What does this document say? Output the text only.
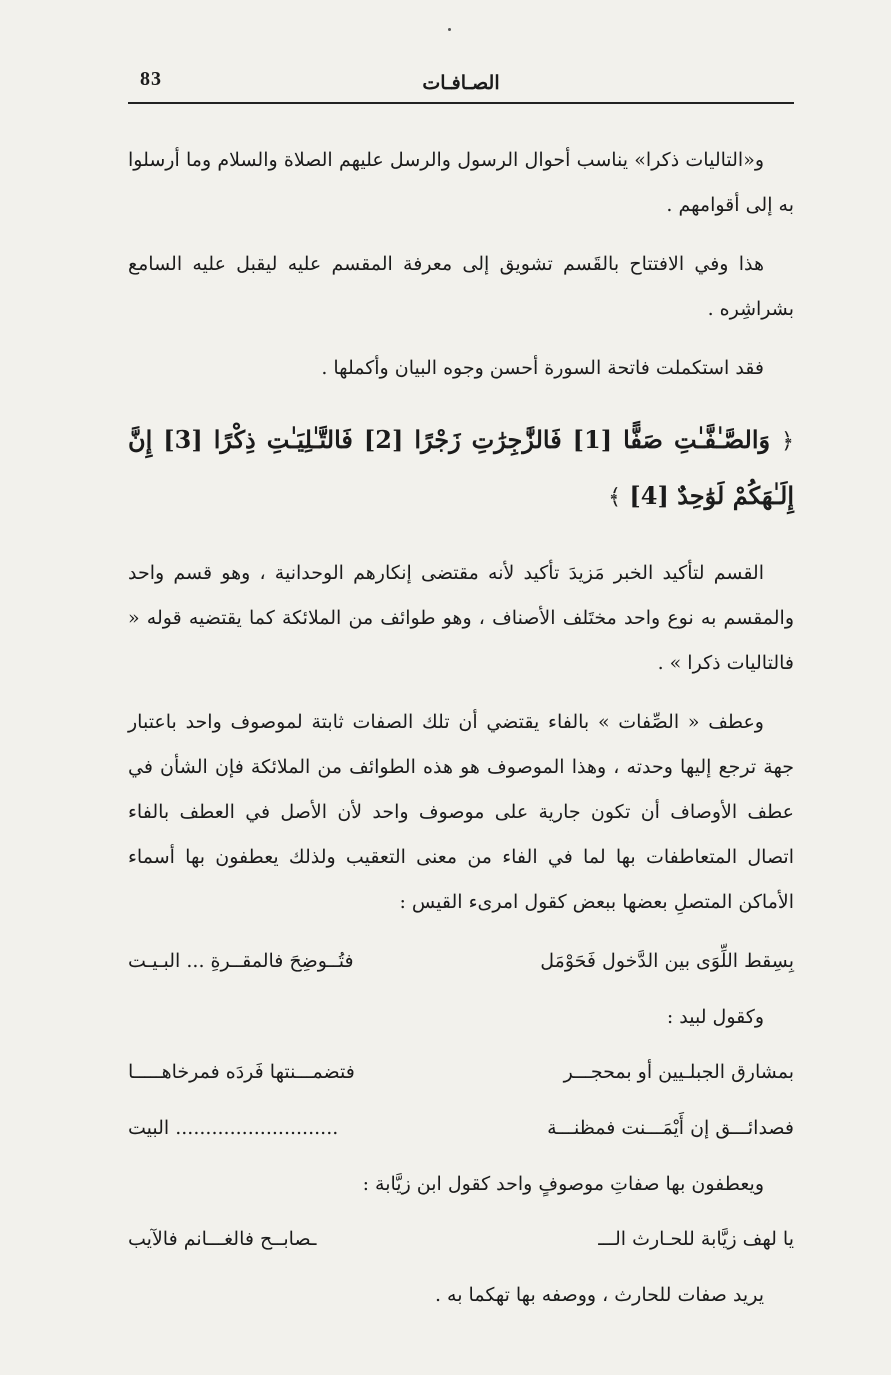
83	الصـافـات

و«التاليات ذكرا» يناسب أحوال الرسول والرسل عليهم الصلاة والسلام وما أرسلوا به إلى أقوامهم .

هذا وفي الافتتاح بالقَسم تشويق إلى معرفة المقسم عليه ليقبل عليه السامع بشراشِره .

فقد استكملت فاتحة السورة أحسن وجوه البيان وأكملها .

﴿ وَالصَّـٰفَّـٰتِ صَفًّا [1] فَالزَّٰجِرَٰتِ زَجْرًا [2] فَالتَّـٰلِيَـٰتِ ذِكْرًا [3] إِنَّ إِلَـٰهَكُمْ لَوَٰحِدٌ [4] ﴾

القسم لتأكيد الخبر مَزيدَ تأكيد لأنه مقتضى إنكارهم الوحدانية ، وهو قسم واحد والمقسم به نوع واحد مختَلف الأصناف ، وهو طوائف من الملائكة كما يقتضيه قوله « فالتاليات ذكرا » .

وعطف « الصِّفات » بالفاء يقتضي أن تلك الصفات ثابتة لموصوف واحد باعتبار جهة ترجع إليها وحدته ، وهذا الموصوف هو هذه الطوائف من الملائكة فإن الشأن في عطف الأوصاف أن تكون جارية على موصوف واحد لأن الأصل في العطف بالفاء اتصال المتعاطفات بها لما في الفاء من معنى التعقيب ولذلك يعطفون بها أسماء الأماكن المتصلِ بعضها ببعض كقول امرىء القيس :

بِسِقط اللِّوَى بين الدَّخول فَحَوْمَل
فتُــوضِحَ فالمقــرةِ ... البـيـت

وكقول لبيد :

بمشارق الجبلـيين أو بمحجـــر
فتضمـــنتها فَردَه فمرخاهـــــا
فصدائـــق إن أَيْمَـــنت فمظنـــة
........................... البيت

ويعطفون بها صفاتِ موصوفٍ واحد كقول ابن زيَّابة :

يا لهف زيَّابة للحـارث الـــ
ـصابــح فالغـــانم فالآيب

يريد صفات للحارث ، ووصفه بها تهكما به .
